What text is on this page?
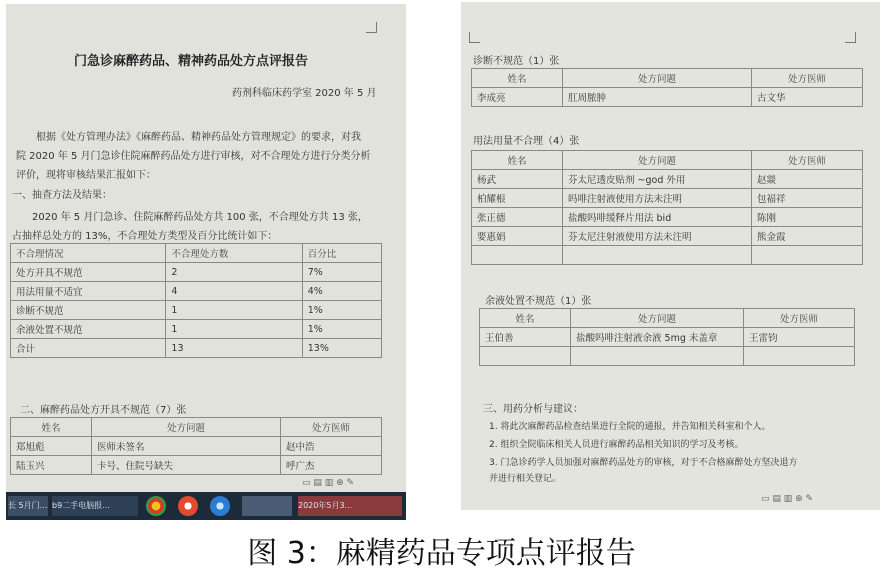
门急诊麻醉药品、精神药品处方点评报告
药剂科临床药学室 2020 年 5 月
根据《处方管理办法》《麻醉药品、精神药品处方管理规定》的要求，对我
院 2020 年 5 月门急诊住院麻醉药品处方进行审核，对不合理处方进行分类分析
评价，现将审核结果汇报如下：
一、抽查方法及结果：
2020 年 5 月门急诊、住院麻醉药品处方共 100 张，不合理处方共 13 张，
占抽样总处方的 13%，不合理处方类型及百分比统计如下：
不合理情况	不合理处方数	百分比
处方开具不规范	2	7%
用法用量不适宜	4	4%
诊断不规范	1	1%
余液处置不规范	1	1%
合计	13	13%
二、麻醉药品处方开具不规范（7）张
姓名	处方问题	处方医师
郑旭彪	医师未签名	赵中浩
陆玉兴	卡号、住院号缺失	呼广杰
▭ ▤ ▥ ⊕ ✎
长 5月门... b9二手电脑报...	2020年5月3...
诊断不规范（1）张
姓名	处方问题	处方医师
李成亮	肛周脓肿	古文华
用法用量不合理（4）张
姓名	处方问题	处方医师
杨武	芬太尼透皮贴剂 ~god 外用	赵燚
柏耀根	吗啡注射液使用方法未注明	包福祥
张正德	盐酸吗啡缓释片用法 bid	陈刚
要惠娟	芬太尼注射液使用方法未注明	熊金霞

余液处置不规范（1）张
姓名	处方问题	处方医师
王伯善	盐酸吗啡注射液余液 5mg 未盖章	王雷钧

三、用药分析与建议：
1. 将此次麻醉药品检查结果进行全院的通报，并告知相关科室和个人。
2. 组织全院临床相关人员进行麻醉药品相关知识的学习及考核。
3. 门急诊药学人员加强对麻醉药品处方的审核，对于不合格麻醉处方坚决退方
并进行相关登记。
▭ ▤ ▥ ⊕ ✎
图 3：麻精药品专项点评报告
